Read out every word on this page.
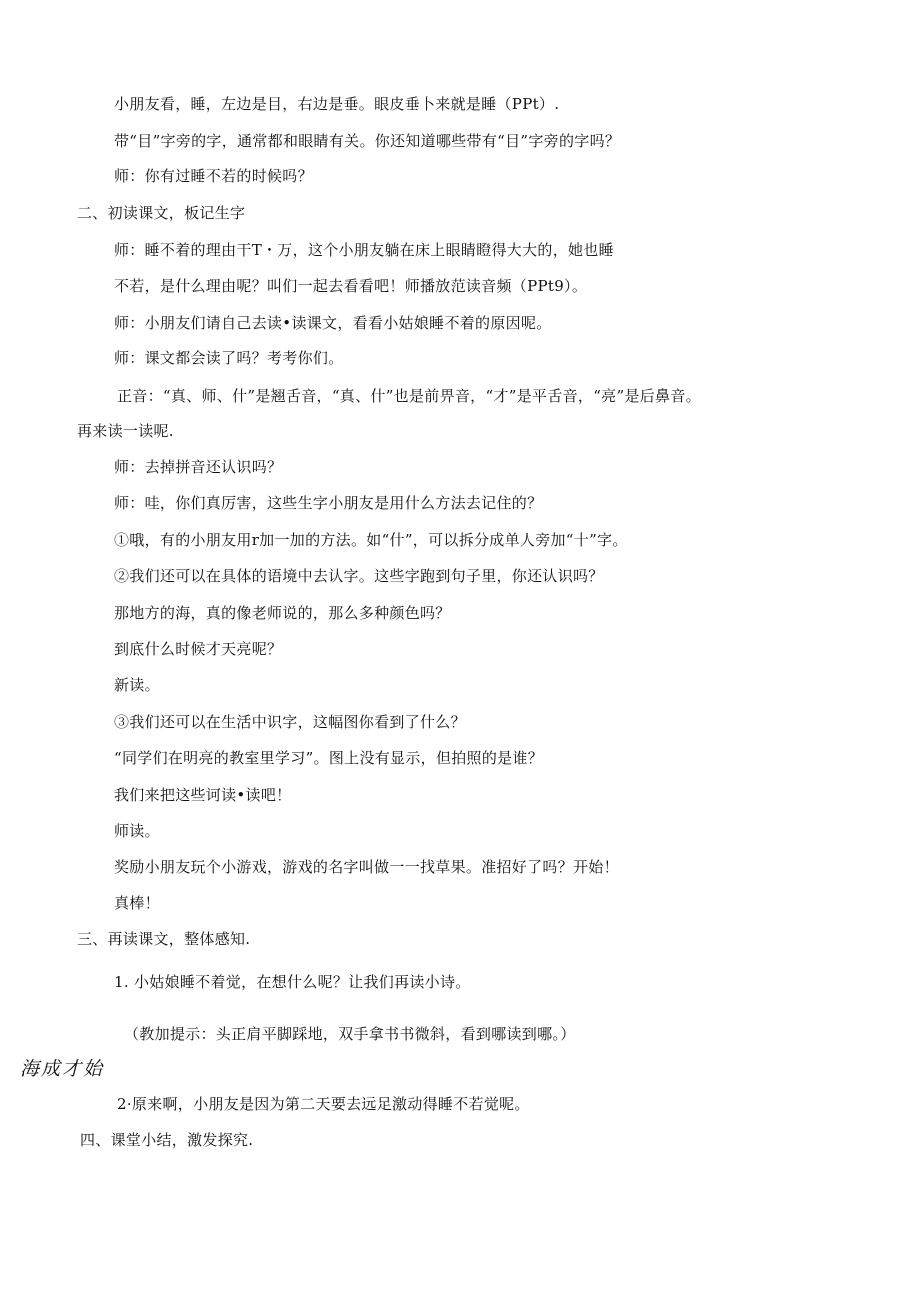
小朋友看，睡，左边是目，右边是垂。眼皮垂卜来就是睡（PPt）.
带“目”字旁的字，通常都和眼睛有关。你还知道哪些带有“目”字旁的字吗？
师：你有过睡不若的时候吗？
二、初读课文，板记生字
师：睡不着的理由干T・万，这个小朋友躺在床上眼睛瞪得大大的，她也睡
不若，是什么理由呢？叫们一起去看看吧！师播放范读音频（PPt9）。
师：小朋友们请自己去读•读课文，看看小姑娘睡不着的原因呢。
师：课文都会读了吗？考考你们。
正音：“真、师、什”是翘舌音，“真、什”也是前畀音，“才”是平舌音，“亮”是后鼻音。
再来读一读呢.
师：去掉拼音还认识吗？
师：哇，你们真厉害，这些生字小朋友是用什么方法去记住的？
①哦，有的小朋友用r加一加的方法。如“什”，可以拆分成单人旁加“十”字。
②我们还可以在具体的语境中去认字。这些字跑到句子里，你还认识吗？
那地方的海，真的像老师说的，那么多种颜色吗？
到底什么时候才天亮呢？
新读。
③我们还可以在生活中识字，这幅图你看到了什么？
“同学们在明亮的教室里学习”。图上没有显示，但拍照的是谁？
我们来把这些诃读•读吧！
师读。
奖励小朋友玩个小游戏，游戏的名字叫做一一找草果。准招好了吗？开始！
真棒！
三、再读课文，整体感知.
1. 小姑娘睡不着觉，在想什么呢？让我们再读小诗。
（教加提示：头正肩平脚踩地，双手拿书书微斜，看到哪读到哪。）
海成才始
2·原来啊，小朋友是因为第二天要去远足激动得睡不若觉呢。
四、课堂小结，激发探究.
